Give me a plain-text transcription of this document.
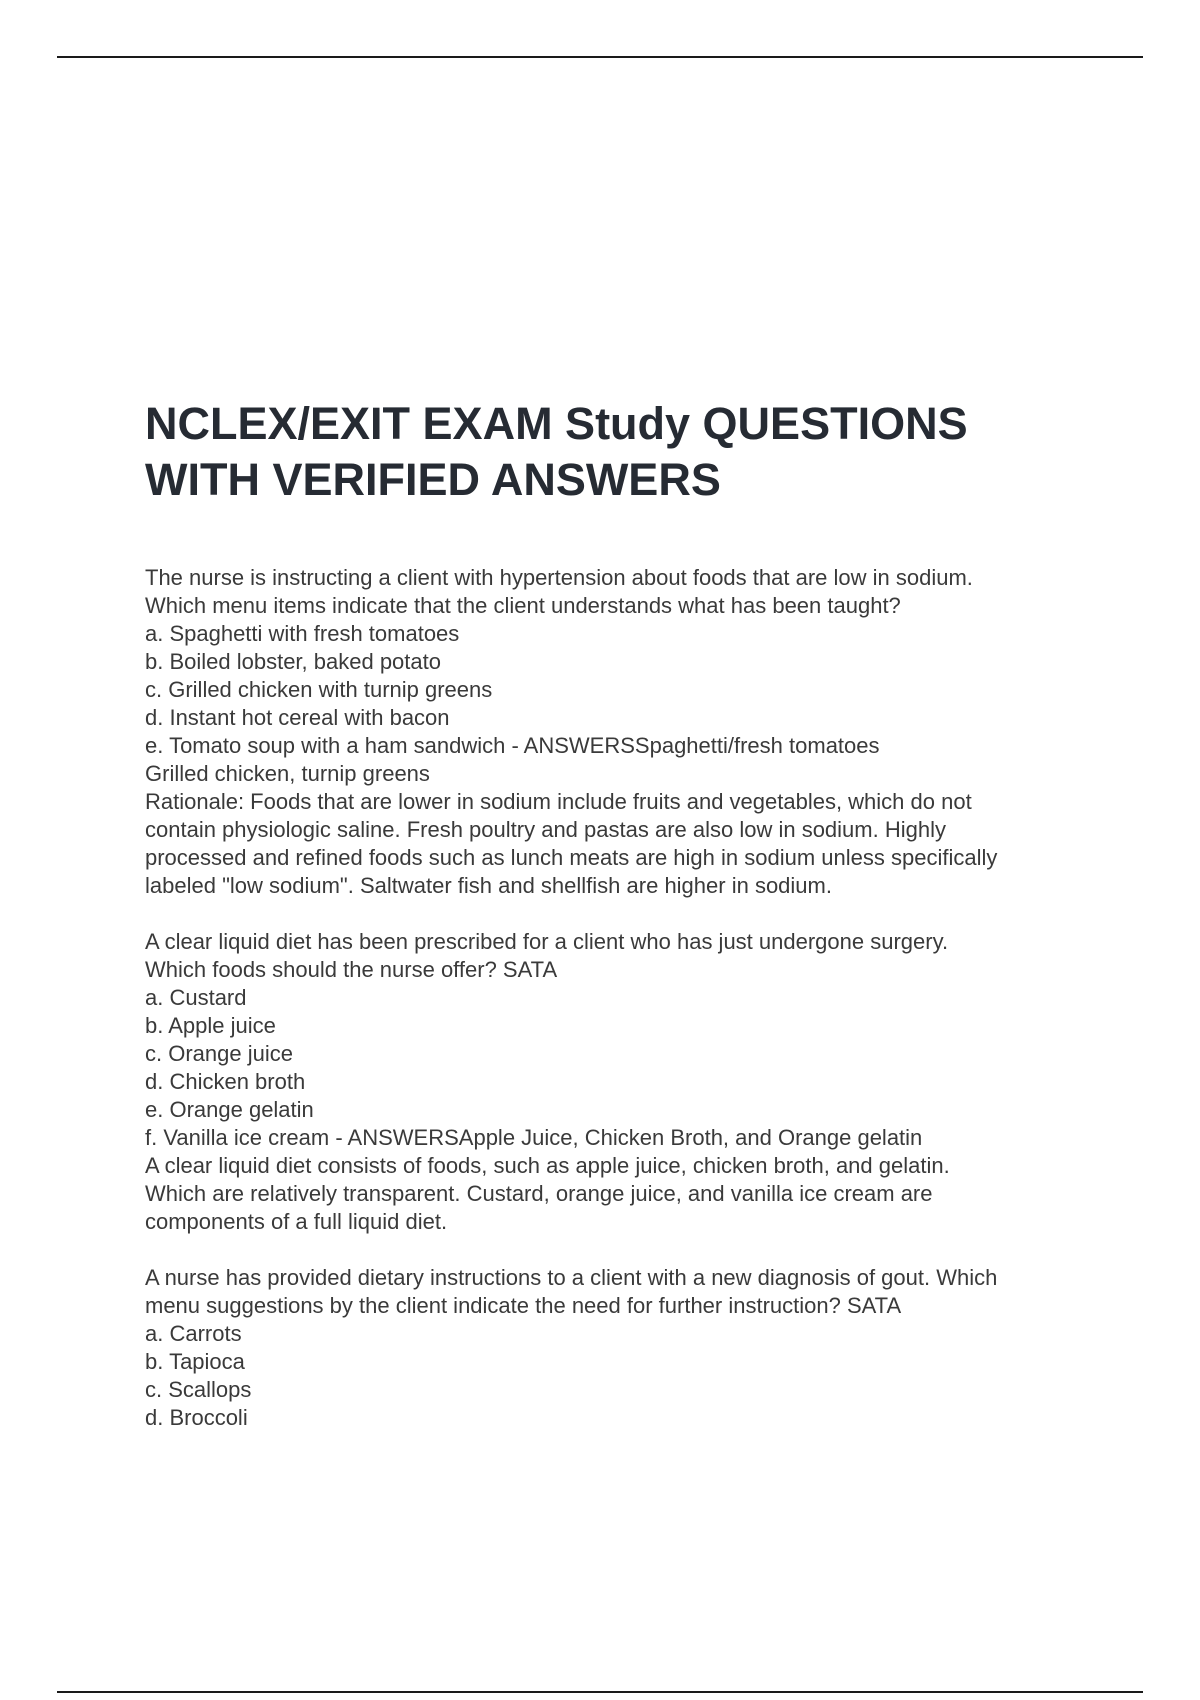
NCLEX/EXIT EXAM Study QUESTIONS
WITH VERIFIED ANSWERS
The nurse is instructing a client with hypertension about foods that are low in sodium.
Which menu items indicate that the client understands what has been taught?
a. Spaghetti with fresh tomatoes
b. Boiled lobster, baked potato
c. Grilled chicken with turnip greens
d. Instant hot cereal with bacon
e. Tomato soup with a ham sandwich - ANSWERSSpaghetti/fresh tomatoes
Grilled chicken, turnip greens
Rationale: Foods that are lower in sodium include fruits and vegetables, which do not
contain physiologic saline. Fresh poultry and pastas are also low in sodium. Highly
processed and refined foods such as lunch meats are high in sodium unless specifically
labeled "low sodium". Saltwater fish and shellfish are higher in sodium.
A clear liquid diet has been prescribed for a client who has just undergone surgery.
Which foods should the nurse offer? SATA
a. Custard
b. Apple juice
c. Orange juice
d. Chicken broth
e. Orange gelatin
f. Vanilla ice cream - ANSWERSApple Juice, Chicken Broth, and Orange gelatin
A clear liquid diet consists of foods, such as apple juice, chicken broth, and gelatin.
Which are relatively transparent. Custard, orange juice, and vanilla ice cream are
components of a full liquid diet.
A nurse has provided dietary instructions to a client with a new diagnosis of gout. Which
menu suggestions by the client indicate the need for further instruction? SATA
a. Carrots
b. Tapioca
c. Scallops
d. Broccoli
